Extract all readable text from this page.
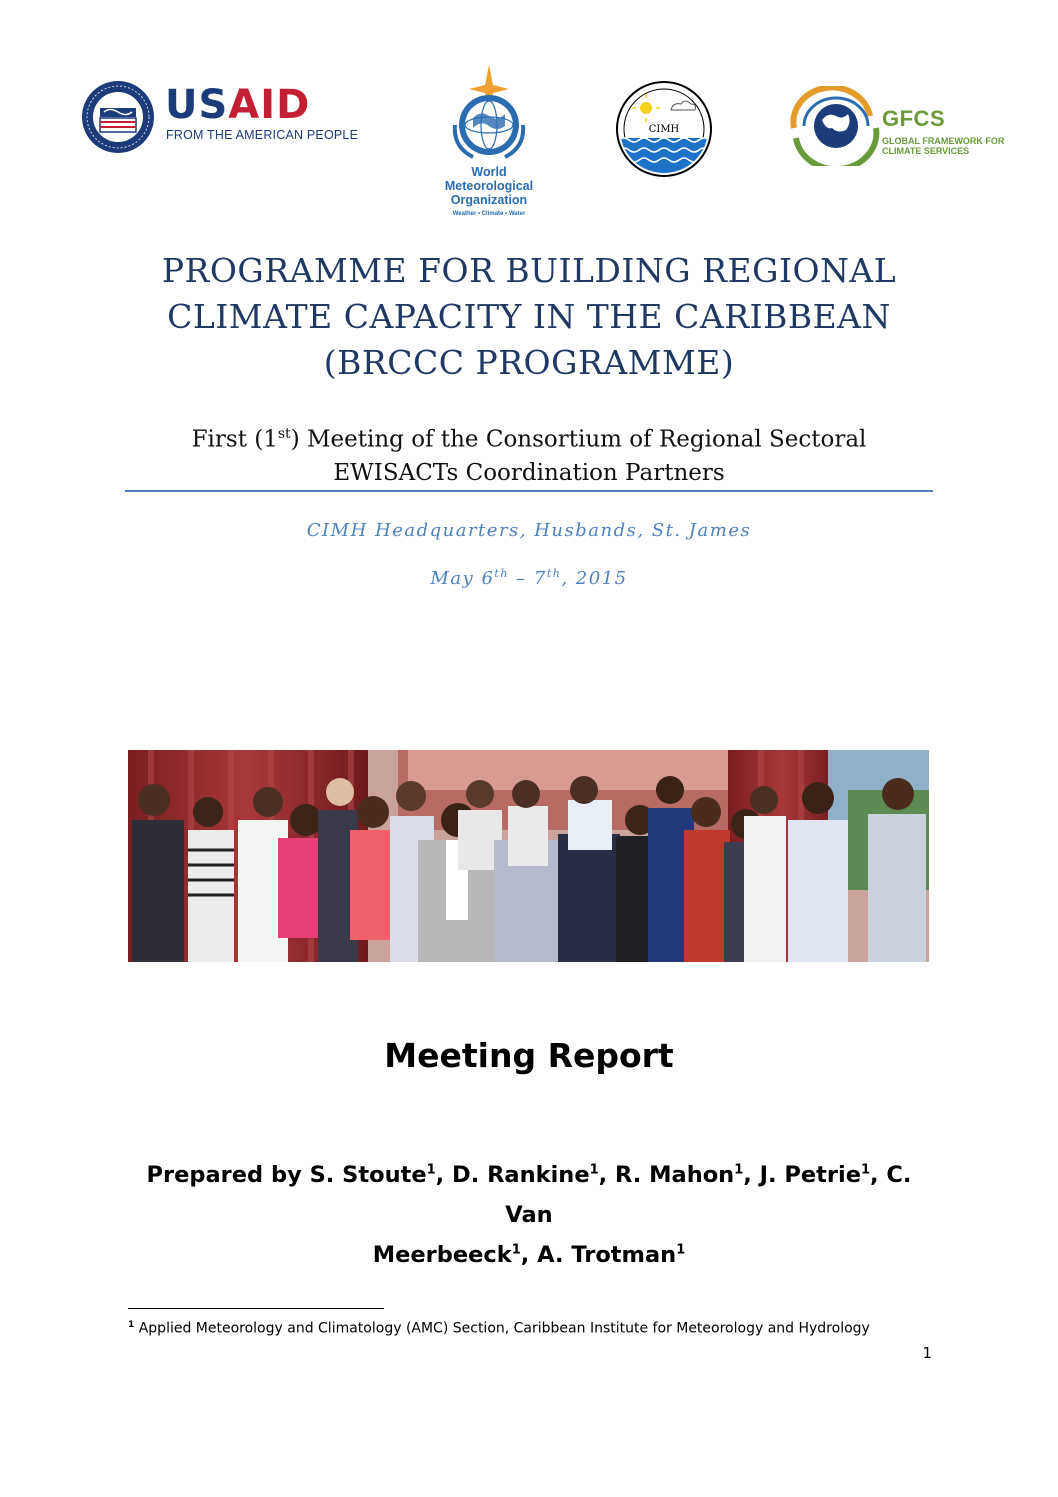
USAID
FROM THE AMERICAN PEOPLE
World
Meteorological
Organization
Weather • Climate • Water
CIMH	GFCS
GLOBAL FRAMEWORK FOR
CLIMATE SERVICES
PROGRAMME FOR BUILDING REGIONAL
CLIMATE CAPACITY IN THE CARIBBEAN
(BRCCC PROGRAMME)
First (1st) Meeting of the Consortium of Regional Sectoral
EWISACTs Coordination Partners
CIMH Headquarters, Husbands, St. James
May 6th – 7th, 2015
Meeting Report
Prepared by S. Stoute$^1$, D. Rankine$^1$, R. Mahon$^1$, J. Petrie$^1$, C. Van
Meerbeeck$^1$, A. Trotman$^1$
$^1$ Applied Meteorology and Climatology (AMC) Section, Caribbean Institute for Meteorology and Hydrology
1
